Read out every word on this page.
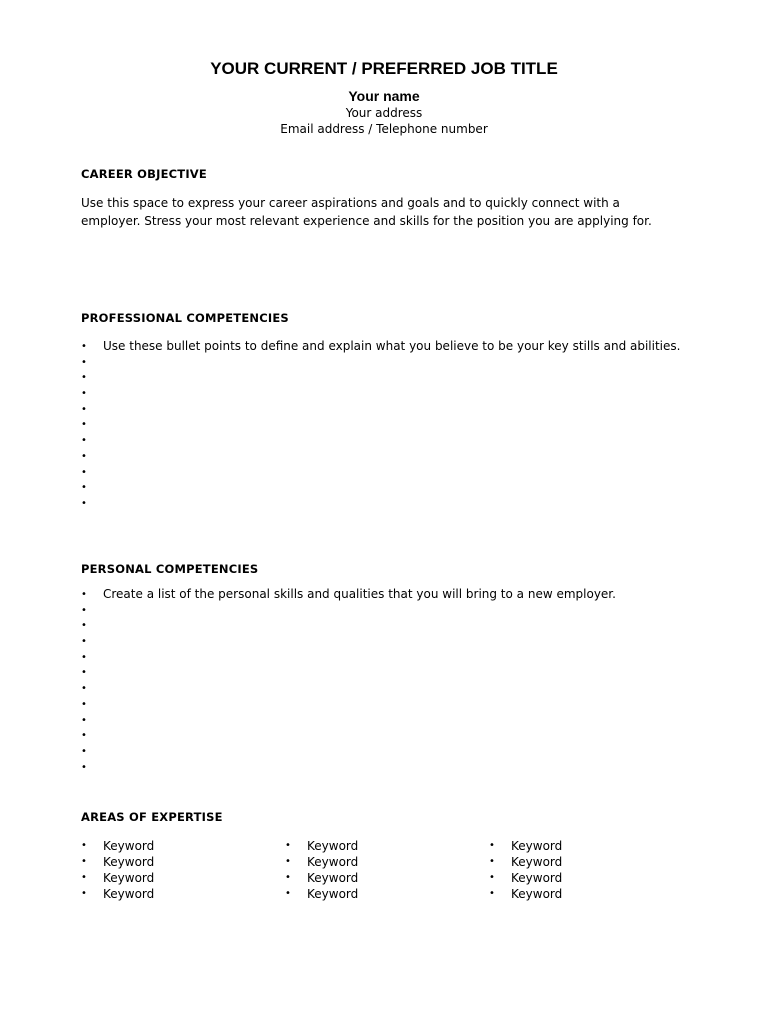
YOUR CURRENT / PREFERRED JOB TITLE
Your name
Your address
Email address / Telephone number
CAREER OBJECTIVE
Use this space to express your career aspirations and goals and to quickly connect with a employer. Stress your most relevant experience and skills for the position you are applying for.
PROFESSIONAL COMPETENCIES
• Use these bullet points to define and explain what you believe to be your key stills and abilities.
•
•
•
•
•
•
•
•
•
•
PERSONAL COMPETENCIES
• Create a list of the personal skills and qualities that you will bring to a new employer.
•
•
•
•
•
•
•
•
•
•
•
AREAS OF EXPERTISE
• Keyword
• Keyword
• Keyword
• Keyword
• Keyword
• Keyword
• Keyword
• Keyword
• Keyword
• Keyword
• Keyword
• Keyword
